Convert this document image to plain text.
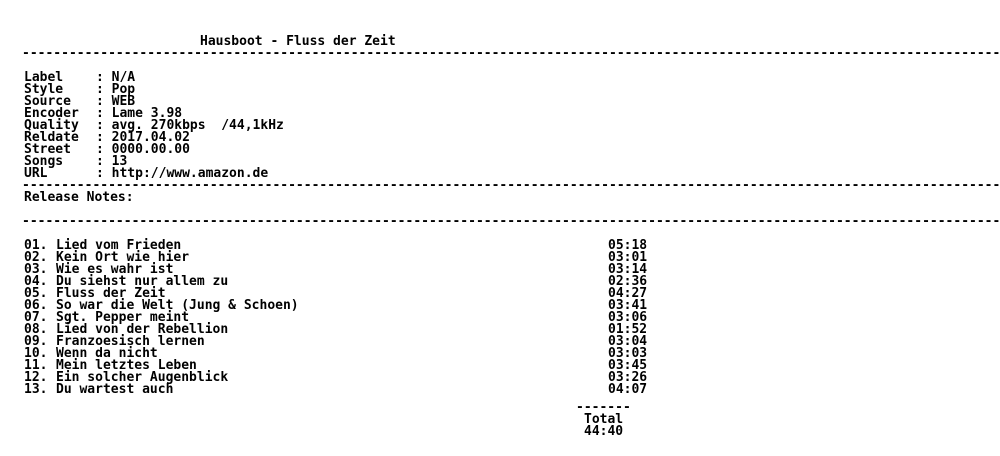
Hausboot - Fluss der Zeit
-----------------------------------------------------------------------------------------------------------------------------
Label	: N/A
Style	: Pop
Source	: WEB
Encoder	: Lame 3.98
Quality	: avg. 270kbps  /44,1kHz
Reldate	: 2017.04.02
Street	: 0000.00.00
Songs	: 13
URL	: http://www.amazon.de
-----------------------------------------------------------------------------------------------------------------------------
Release Notes:
-----------------------------------------------------------------------------------------------------------------------------
01. Lied vom Frieden	05:18
02. Kein Ort wie hier	03:01
03. Wie es wahr ist	03:14
04. Du siehst nur allem zu	02:36
05. Fluss der Zeit	04:27
06. So war die Welt (Jung & Schoen)	03:41
07. Sgt. Pepper meint	03:06
08. Lied von der Rebellion	01:52
09. Franzoesisch lernen	03:04
10. Wenn da nicht	03:03
11. Mein letztes Leben	03:45
12. Ein solcher Augenblick	03:26
13. Du wartest auch	04:07
-------
Total
44:40
